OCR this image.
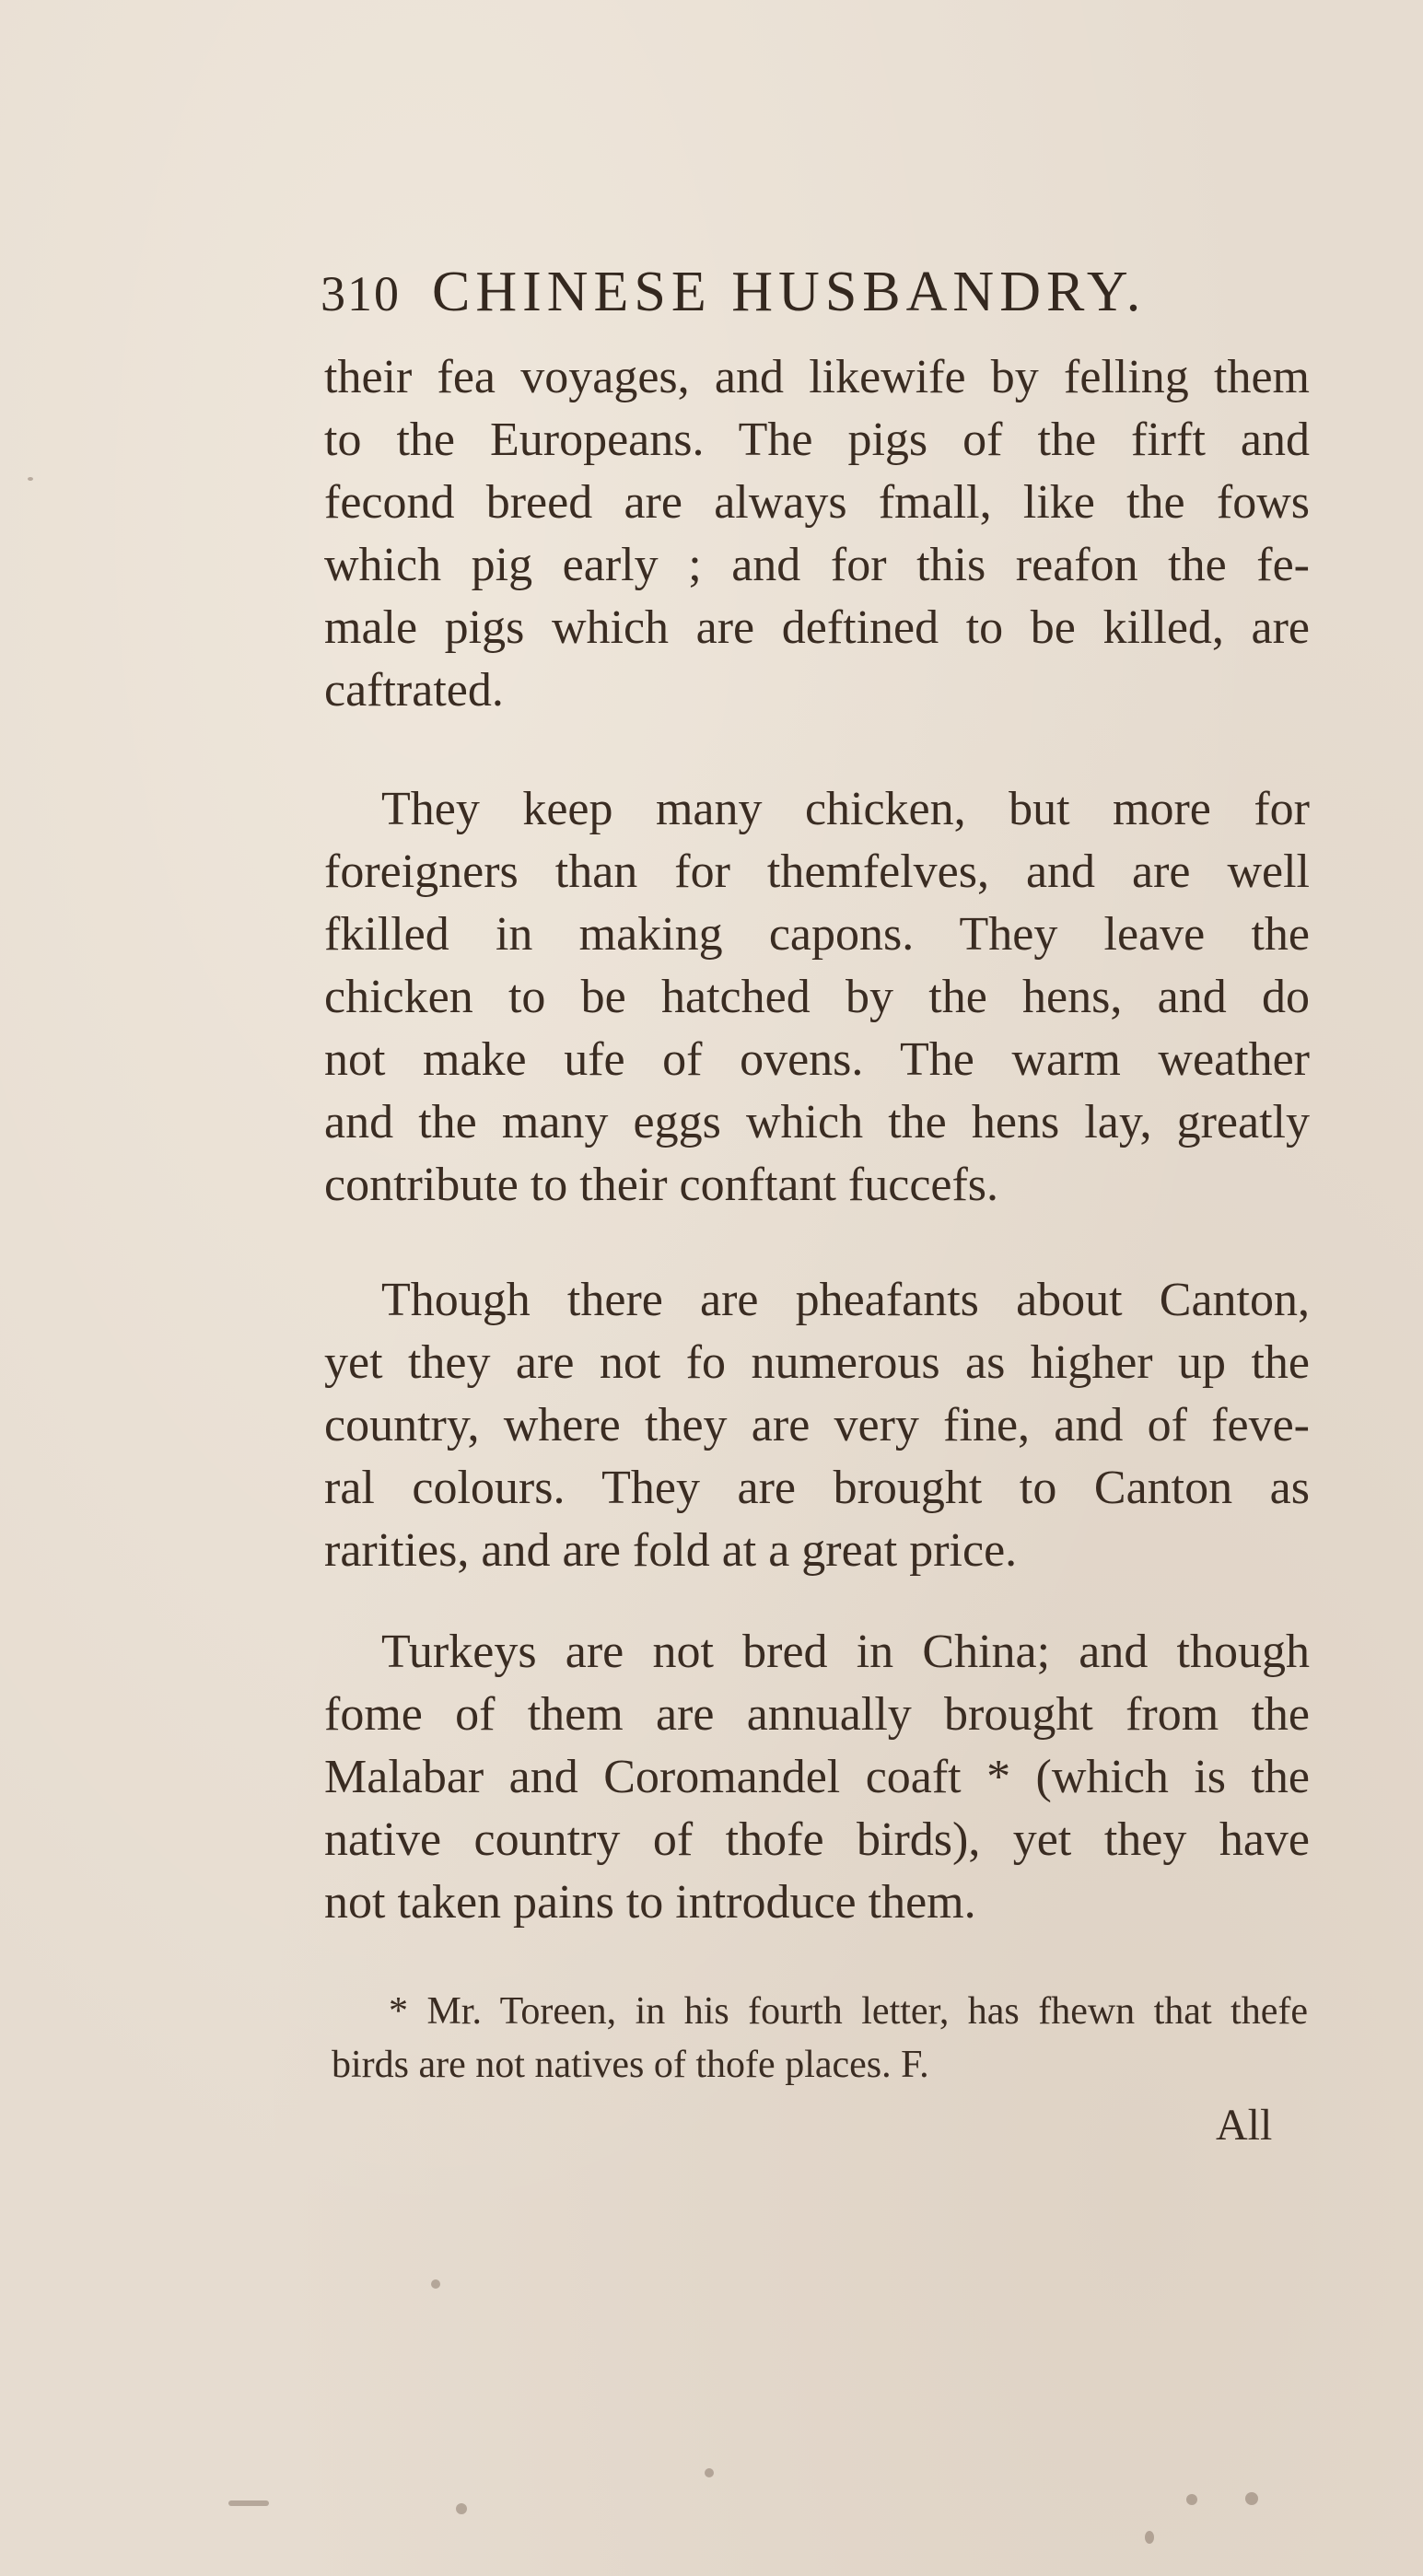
310 CHINESE HUSBANDRY.
their fea voyages, and likewife by felling them
to the Europeans. The pigs of the firft and
fecond breed are always fmall, like the fows
which pig early ; and for this reafon the fe-
male pigs which are deftined to be killed, are
caftrated.
They keep many chicken, but more for
foreigners than for themfelves, and are well
fkilled in making capons. They leave the
chicken to be hatched by the hens, and do
not make ufe of ovens. The warm weather
and the many eggs which the hens lay, greatly
contribute to their conftant fuccefs.
Though there are pheafants about Canton,
yet they are not fo numerous as higher up the
country, where they are very fine, and of feve-
ral colours. They are brought to Canton as
rarities, and are fold at a great price.
Turkeys are not bred in China; and though
fome of them are annually brought from the
Malabar and Coromandel coaft * (which is the
native country of thofe birds), yet they have
not taken pains to introduce them.
* Mr. Toreen, in his fourth letter, has fhewn that thefe
birds are not natives of thofe places. F.
All
